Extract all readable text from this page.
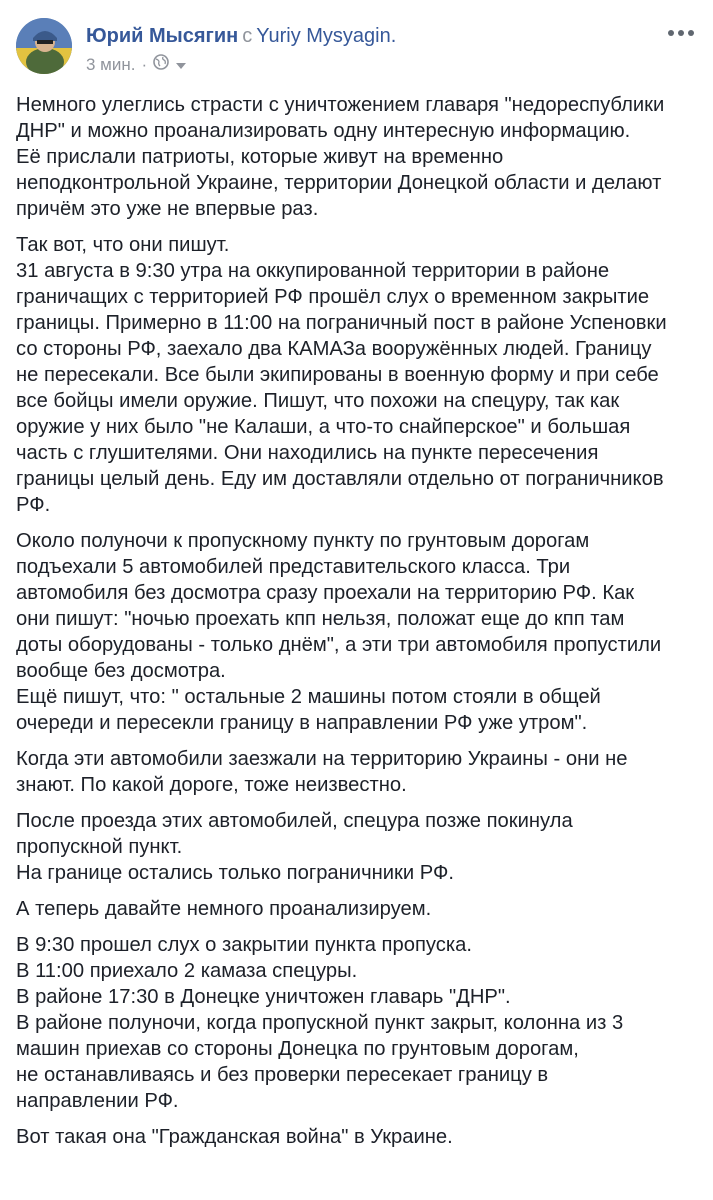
Юрий Мысягин с Yuriy Mysyagin.
3 мин. ·

Немного улеглись страсти с уничтожением главаря "недореспублики
ДНР" и можно проанализировать одну интересную информацию.
Её прислали патриоты, которые живут на временно
неподконтрольной Украине, территории Донецкой области и делают
причём это уже не впервые раз.

Так вот, что они пишут.
31 августа в 9:30 утра на оккупированной территории в районе
граничащих с территорией РФ прошёл слух о временном закрытие
границы. Примерно в 11:00 на пограничный пост в районе Успеновки
со стороны РФ, заехало два КАМАЗа вооружённых людей. Границу
не пересекали. Все были экипированы в военную форму и при себе
все бойцы имели оружие. Пишут, что похожи на спецуру, так как
оружие у них было "не Калаши, а что-то снайперское" и большая
часть с глушителями. Они находились на пункте пересечения
границы целый день. Еду им доставляли отдельно от пограничников
РФ.

Около полуночи к пропускному пункту по грунтовым дорогам
подъехали 5 автомобилей представительского класса. Три
автомобиля без досмотра сразу проехали на территорию РФ. Как
они пишут: "ночью проехать кпп нельзя, положат еще до кпп там
доты оборудованы - только днём", а эти три автомобиля пропустили
вообще без досмотра.
Ещё пишут, что: " остальные 2 машины потом стояли в общей
очереди и пересекли границу в направлении РФ уже утром".

Когда эти автомобили заезжали на территорию Украины - они не
знают. По какой дороге, тоже неизвестно.

После проезда этих автомобилей, спецура позже покинула
пропускной пункт.
На границе остались только пограничники РФ.

А теперь давайте немного проанализируем.

В 9:30 прошел слух о закрытии пункта пропуска.
В 11:00 приехало 2 камаза спецуры.
В районе 17:30 в Донецке уничтожен главарь "ДНР".
В районе полуночи, когда пропускной пункт закрыт, колонна из 3
машин приехав со стороны Донецка по грунтовым дорогам,
не останавливаясь и без проверки пересекает границу в
направлении РФ.

Вот такая она "Гражданская война" в Украине.
